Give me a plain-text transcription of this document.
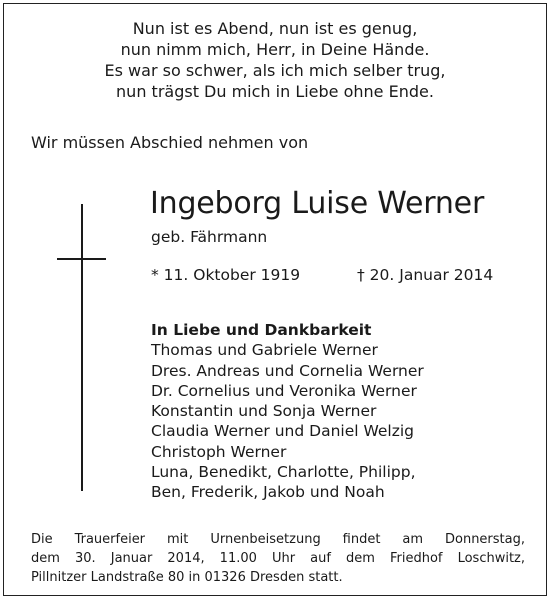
Nun ist es Abend, nun ist es genug,
nun nimm mich, Herr, in Deine Hände.
Es war so schwer, als ich mich selber trug,
nun trägst Du mich in Liebe ohne Ende.
Wir müssen Abschied nehmen von
Ingeborg Luise Werner
geb. Fährmann
* 11. Oktober 1919	† 20. Januar 2014
In Liebe und Dankbarkeit
Thomas und Gabriele Werner
Dres. Andreas und Cornelia Werner
Dr. Cornelius und Veronika Werner
Konstantin und Sonja Werner
Claudia Werner und Daniel Welzig
Christoph Werner
Luna, Benedikt, Charlotte, Philipp,
Ben, Frederik, Jakob und Noah
Die Trauerfeier mit Urnenbeisetzung findet am Donnerstag,
dem 30. Januar 2014, 11.00 Uhr auf dem Friedhof Loschwitz,
Pillnitzer Landstraße 80 in 01326 Dresden statt.
